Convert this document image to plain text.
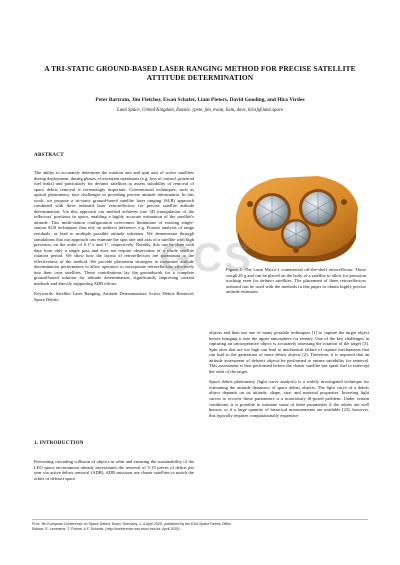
A TRI-STATIC GROUND-BASED LASER RANGING METHOD FOR PRECISE SATELLITE ATTITUDE DETERMINATION
Peter Bartram, Jim Fletcher, Ewan Schafer, Liam Pieters, David Gooding, and Hira Virdee
Lumi Space, United Kingdom, Emails: {pete, jim, ewan, liam, dave, hira}@lumi.space
ABSTRACT

The ability to accurately determine the rotation rate and spin axis of active satellites during deployment, during phases of uncertain operations (e.g. loss of control, potential fuel leaks) and particularly for defunct satellites to assess suitability of removal of space debris removal is increasingly important. Conventional techniques, such as optical photometry, face challenges in providing precise attitude information. In this work, we propose a tri-static ground-based satellite laser ranging (SLR) approach combined with three onboard laser retroreflectors for precise satellite attitude determination. Via this approach our method achieves true 3D triangulation of the reflectors' positions in space, enabling a highly accurate estimation of the satellite's attitude. This multi-station configuration overcomes limitations of existing single-station SLR techniques that rely on indirect inference, e.g. Fourier analysis of range residuals, or lead to multiple possible attitude solutions. We demonstrate through simulations that our approach can estimate the spin rate and axis of a satellite with high precision, on the order of 0.1°/s and 1°, respectively. Notably, this can be done with data from only a single pass and does not require observation of a whole satellite rotation period. We show how the layout of retroreflectors are paramount to the effectiveness of the method. We provide placement strategies to maximize attitude determination performance to allow operators to incorporate retroreflectors effectively into their own satellites. These contributions lay the groundwork for a complete ground-based solution for attitude determination, significantly improving current methods and directly supporting ADR efforts.

Keywords: Satellite Laser Ranging; Attitude Determination; Active Debris Removal; Space Debris.

1. INTRODUCTION
Preventing cascading collision of objects in orbit and ensuring the sustainability of the LEO space environment already necessitates the removal of 5-10 pieces of debris per year via active debris removal (ADR). ADR missions use chaser satellites to match the orbits of defunct space
Figure 1: The Lumi Micro-1 commercial off-the-shelf retroreflector. These weigh 20 g and can be placed on the body of a satellite to allow for precision tracking even for defunct satellites. The placement of three retroreflectors onboard can be used with the methods in this paper to obtain highly precise attitude estimates.

objects and then use one of many possible techniques [1] to capture the target object before bringing it into the upper atmosphere for reentry. One of the key challenges in capturing an uncooperative object is accurately assessing the rotation of the target [3]. Spin rates that are too high can lead to mechanical failure of capture mechanisms that can lead to the generation of more debris objects [2]. Therefore, it is required that an attitude assessment of defunct objects be performed to ensure suitability for removal. This assessment is best performed before the chaser satellite has spent fuel to intercept the orbit of the target.

Space debris photometry (light curve analysis) is a widely investigated technique for estimating the attitude dynamics of space debris objects. The light curve of a debris object depends on its attitude, shape, size, and material properties. Inverting light curves to recover these parameters is a notoriously ill-posed problem. Under certain conditions, it is possible to estimate some of these parameters if the others are well known, or if a large quantity of historical measurements are available [23], however, this typically requires computationally expensive

GCS
Proc. 9th European Conference on Space Debris, Bonn, Germany, 1–4 April 2025, published by the ESA Space Debris Office
Editors: S. Lemmens, T. Flohrer & F. Schmitz, (http://conference.sdo.esoc.esa.int, April 2025)
